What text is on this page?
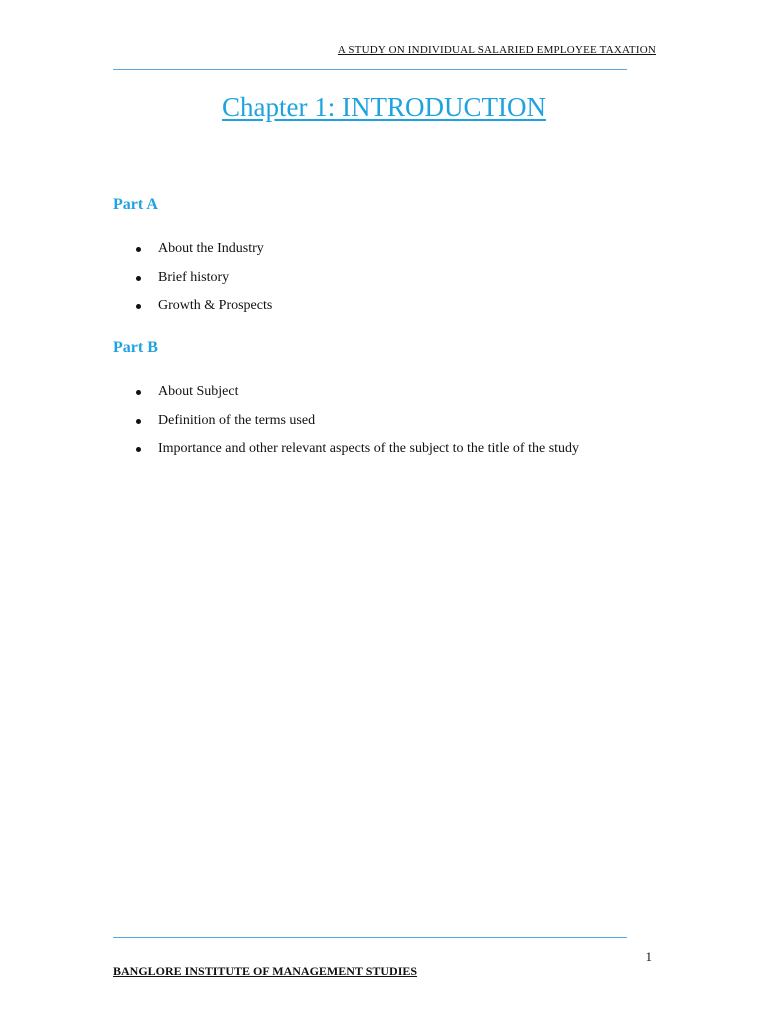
A STUDY ON INDIVIDUAL SALARIED EMPLOYEE TAXATION
Chapter 1: INTRODUCTION
Part A
About the Industry
Brief history
Growth & Prospects
Part B
About Subject
Definition of the terms used
Importance and other relevant aspects of the subject to the title of the study
1
BANGLORE INSTITUTE OF MANAGEMENT STUDIES
